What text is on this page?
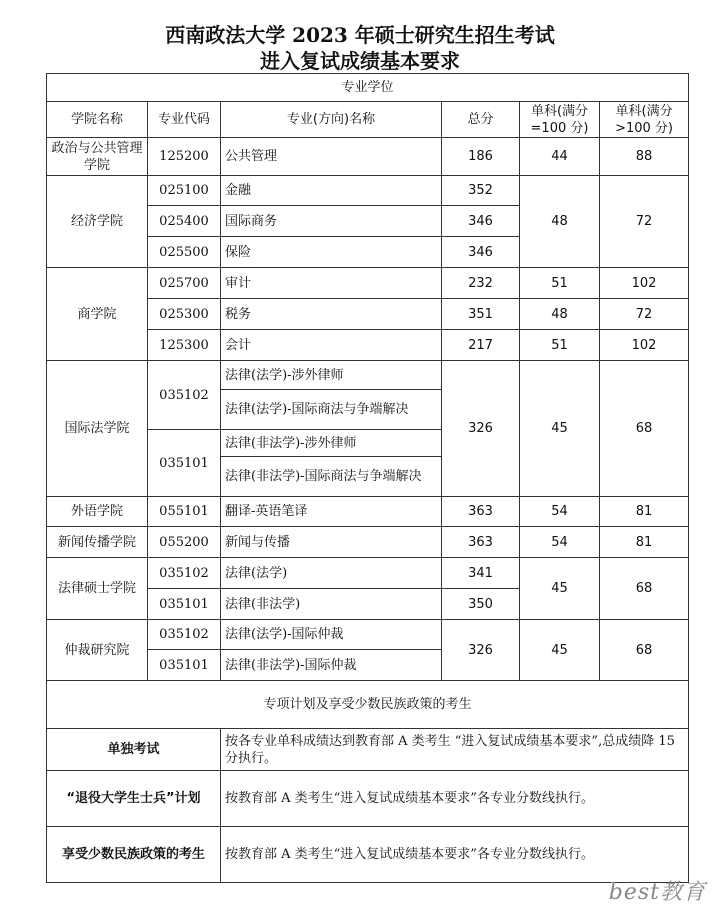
西南政法大学 2023 年硕士研究生招生考试
进入复试成绩基本要求
专业学位					
学院名称	专业代码	专业(方向)名称	总分	单科(满分=100 分)	单科(满分>100 分)
政治与公共管理学院	125200	公共管理	186	44	88
经济学院	025100	金融	352	48	72
	025400	国际商务	346		
	025500	保险	346		
商学院	025700	审计	232	51	102
	025300	税务	351	48	72
	125300	会计	217	51	102
国际法学院	035102	法律(法学)-涉外律师	326	45	68
		法律(法学)-国际商法与争端解决			
	035101	法律(非法学)-涉外律师			
		法律(非法学)-国际商法与争端解决			
外语学院	055101	翻译-英语笔译	363	54	81
新闻传播学院	055200	新闻与传播	363	54	81
法律硕士学院	035102	法律(法学)	341	45	68
	035101	法律(非法学)	350		
仲裁研究院	035102	法律(法学)-国际仲裁	326	45	68
	035101	法律(非法学)-国际仲裁			
专项计划及享受少数民族政策的考生					
单独考试		按各专业单科成绩达到教育部 A 类考生 “进入复试成绩基本要求”,总成绩降 15 分执行。			
“退役大学生士兵”计划		按教育部 A 类考生“进入复试成绩基本要求”各专业分数线执行。			
享受少数民族政策的考生		按教育部 A 类考生“进入复试成绩基本要求”各专业分数线执行。			
best教育
